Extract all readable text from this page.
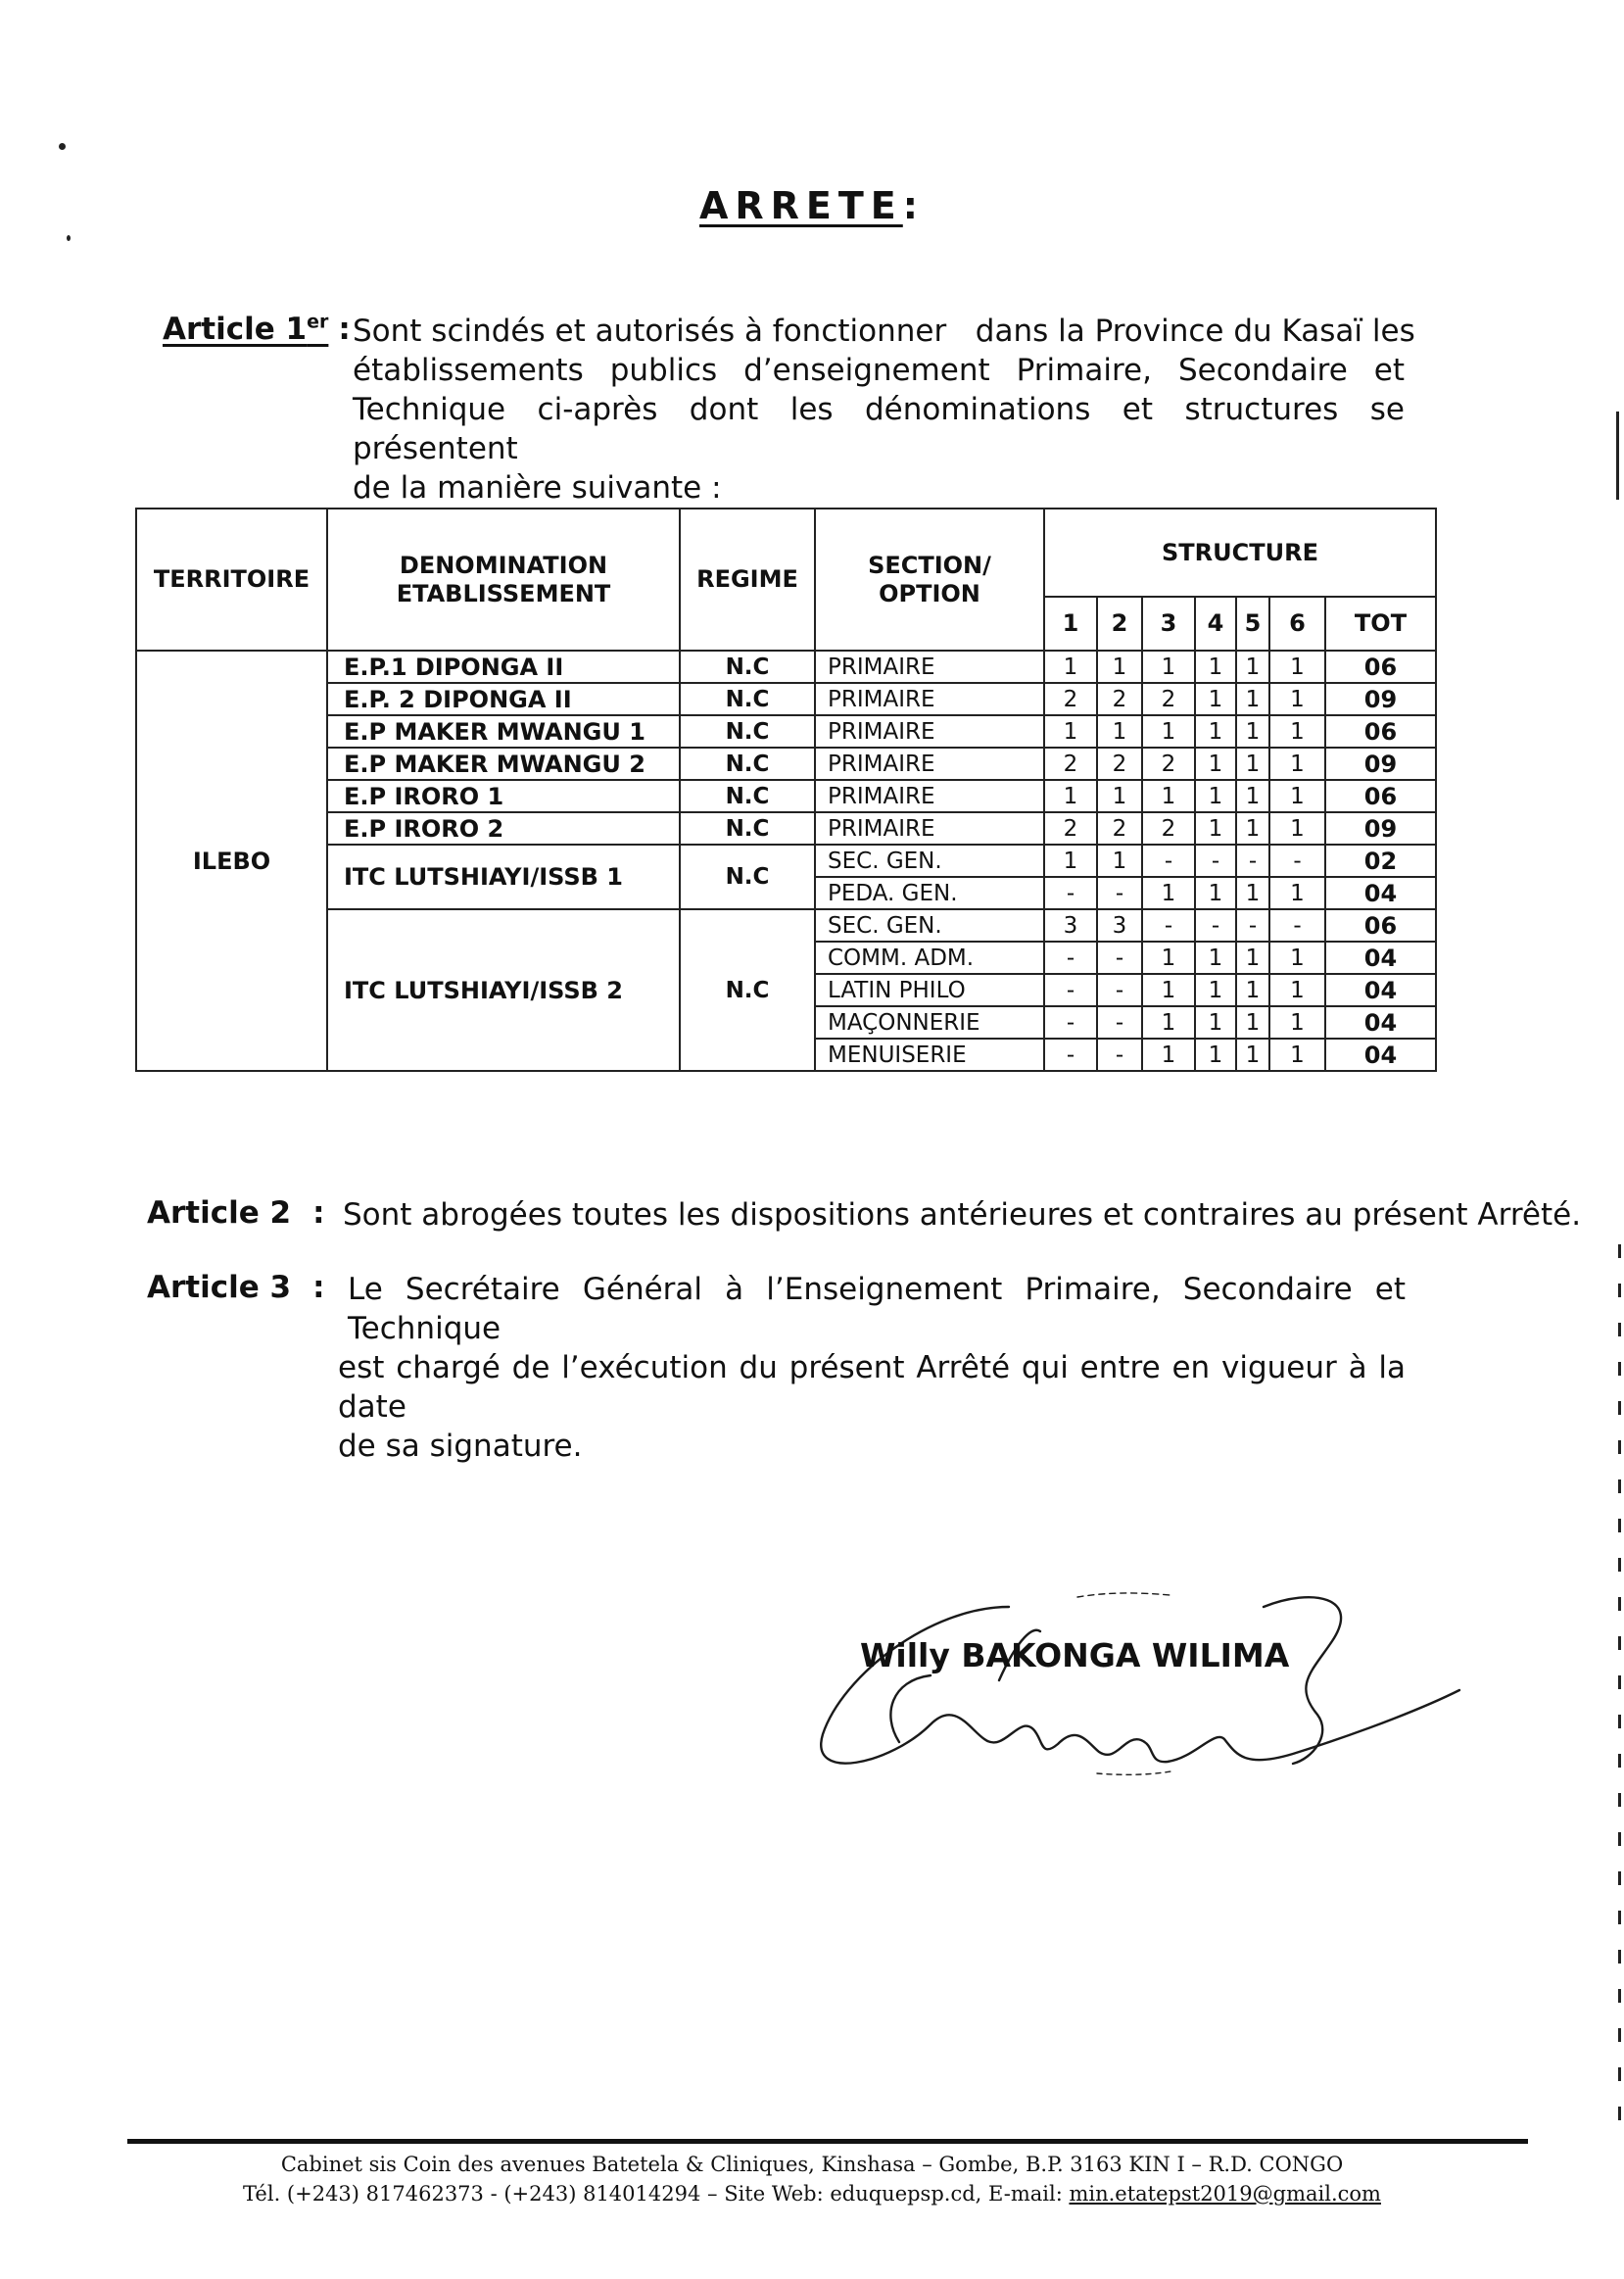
ARRETE:
Article 1er : Sont scindés et autorisés à fonctionner   dans la Province du Kasaï les
établissements publics d’enseignement Primaire, Secondaire et
Technique ci-après dont les dénominations et structures se présentent
de la manière suivante :
TERRITOIRE	DENOMINATION ETABLISSEMENT	REGIME	SECTION/ OPTION	STRUCTURE						
				1	2	3	4	5	6	TOT
ILEBO	E.P.1 DIPONGA II	N.C	PRIMAIRE	1	1	1	1	1	1	06
	E.P. 2 DIPONGA II	N.C	PRIMAIRE	2	2	2	1	1	1	09
	E.P MAKER MWANGU 1	N.C	PRIMAIRE	1	1	1	1	1	1	06
	E.P MAKER MWANGU 2	N.C	PRIMAIRE	2	2	2	1	1	1	09
	E.P IRORO 1	N.C	PRIMAIRE	1	1	1	1	1	1	06
	E.P IRORO 2	N.C	PRIMAIRE	2	2	2	1	1	1	09
	ITC LUTSHIAYI/ISSB 1	N.C	SEC. GEN.	1	1	-	-	-	-	02
			PEDA. GEN.	-	-	1	1	1	1	04
	ITC LUTSHIAYI/ISSB 2	N.C	SEC. GEN.	3	3	-	-	-	-	06
			COMM. ADM.	-	-	1	1	1	1	04
			LATIN PHILO	-	-	1	1	1	1	04
			MAÇONNERIE	-	-	1	1	1	1	04
			MENUISERIE	-	-	1	1	1	1	04
Article 2 : Sont abrogées toutes les dispositions antérieures et contraires au présent Arrêté.
Article 3 : Le Secrétaire Général à l’Enseignement Primaire, Secondaire et Technique
est chargé de l’exécution du présent Arrêté qui entre en vigueur à la date
de sa signature.
Willy BAKONGA WILIMA
Cabinet sis Coin des avenues Batetela & Cliniques, Kinshasa – Gombe, B.P. 3163 KIN I – R.D. CONGO
Tél. (+243) 817462373 - (+243) 814014294 – Site Web: eduquepsp.cd, E-mail: min.etatepst2019@gmail.com
